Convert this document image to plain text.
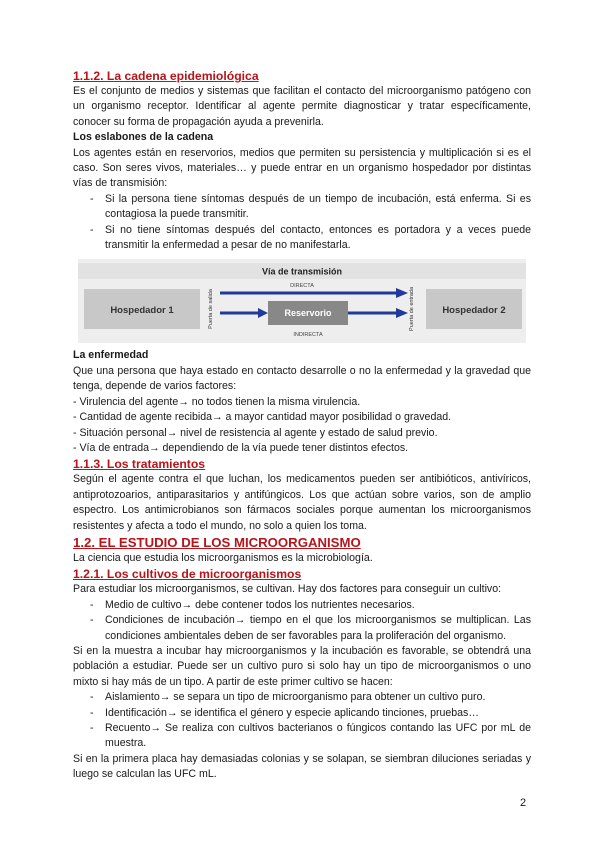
1.1.2. La cadena epidemiológica

Es el conjunto de medios y sistemas que facilitan el contacto del microorganismo patógeno con un organismo receptor. Identificar al agente permite diagnosticar y tratar específicamente, conocer su forma de propagación ayuda a prevenirla.

Los eslabones de la cadena

Los agentes están en reservorios, medios que permiten su persistencia y multiplicación si es el caso. Son seres vivos, materiales… y puede entrar en un organismo hospedador por distintas vías de transmisión:

- Si la persona tiene síntomas después de un tiempo de incubación, está enferma. Si es contagiosa la puede transmitir.
- Si no tiene síntomas después del contacto, entonces es portadora y a veces puede transmitir la enfermedad a pesar de no manifestarla.
Vía de transmisión
Hospedador 1	Hospedador 2
Puerta de salida	Puerta de entrada
DIRECTA
Reservorio
INDIRECTA
La enfermedad

Que una persona que haya estado en contacto desarrolle o no la enfermedad y la gravedad que tenga, depende de varios factores:

- Virulencia del agente→ no todos tienen la misma virulencia.
- Cantidad de agente recibida→ a mayor cantidad mayor posibilidad o gravedad.
- Situación personal→ nivel de resistencia al agente y estado de salud previo.
- Vía de entrada→ dependiendo de la vía puede tener distintos efectos.
1.1.3. Los tratamientos

Según el agente contra el que luchan, los medicamentos pueden ser antibióticos, antivíricos, antiprotozoarios, antiparasitarios y antifúngicos. Los que actúan sobre varios, son de amplio espectro. Los antimicrobianos son fármacos sociales porque aumentan los microorganismos resistentes y afecta a todo el mundo, no solo a quien los toma.

1.2. EL ESTUDIO DE LOS MICROORGANISMO

La ciencia que estudia los microorganismos es la microbiología.

1.2.1. Los cultivos de microorganismos

Para estudiar los microorganismos, se cultivan. Hay dos factores para conseguir un cultivo:

- Medio de cultivo→ debe contener todos los nutrientes necesarios.
- Condiciones de incubación→ tiempo en el que los microorganismos se multiplican. Las condiciones ambientales deben de ser favorables para la proliferación del organismo.

Si en la muestra a incubar hay microorganismos y la incubación es favorable, se obtendrá una población a estudiar. Puede ser un cultivo puro si solo hay un tipo de microorganismos o uno mixto si hay más de un tipo. A partir de este primer cultivo se hacen:

- Aislamiento→ se separa un tipo de microorganismo para obtener un cultivo puro.
- Identificación→ se identifica el género y especie aplicando tinciones, pruebas…
- Recuento→ Se realiza con cultivos bacterianos o fúngicos contando las UFC por mL de muestra.

Si en la primera placa hay demasiadas colonias y se solapan, se siembran diluciones seriadas y luego se calculan las UFC mL.

2
